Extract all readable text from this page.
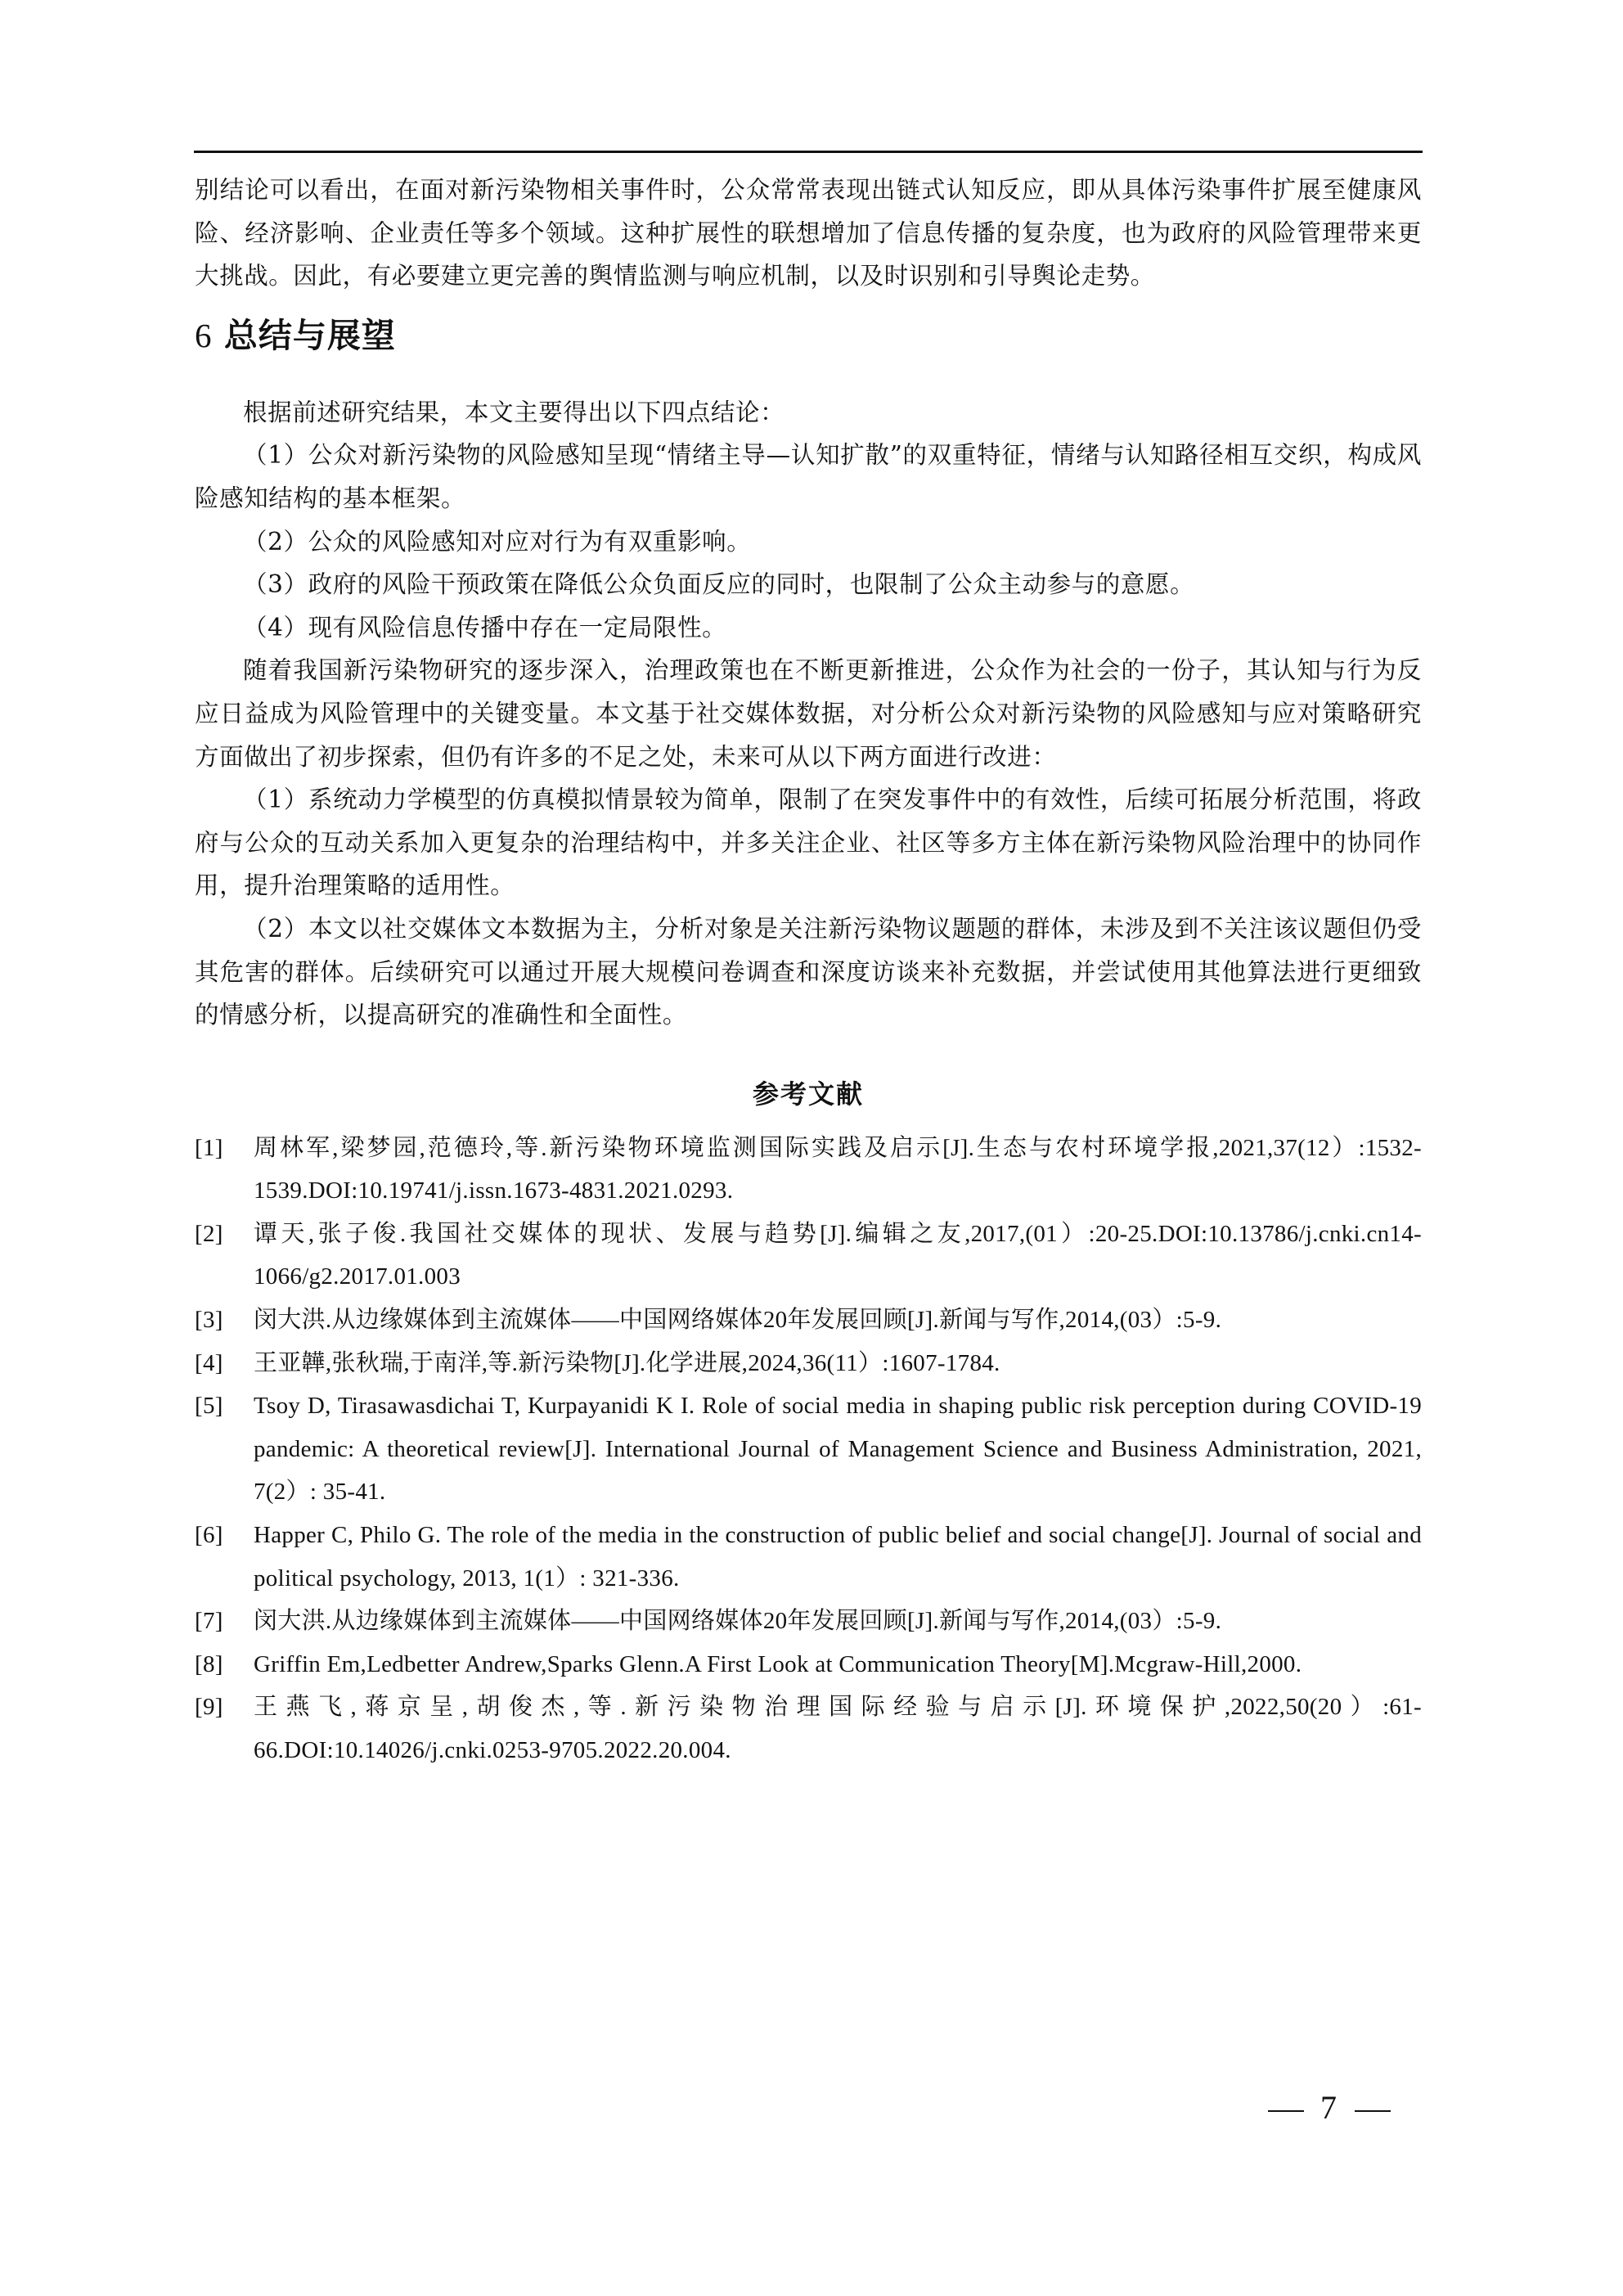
别结论可以看出，在面对新污染物相关事件时，公众常常表现出链式认知反应，即从具体污染事件扩展至健康风险、经济影响、企业责任等多个领域。这种扩展性的联想增加了信息传播的复杂度，也为政府的风险管理带来更大挑战。因此，有必要建立更完善的舆情监测与响应机制，以及时识别和引导舆论走势。

6 总结与展望

根据前述研究结果，本文主要得出以下四点结论：

（1）公众对新污染物的风险感知呈现“情绪主导—认知扩散”的双重特征，情绪与认知路径相互交织，构成风险感知结构的基本框架。

（2）公众的风险感知对应对行为有双重影响。

（3）政府的风险干预政策在降低公众负面反应的同时，也限制了公众主动参与的意愿。

（4）现有风险信息传播中存在一定局限性。

随着我国新污染物研究的逐步深入，治理政策也在不断更新推进，公众作为社会的一份子，其认知与行为反应日益成为风险管理中的关键变量。本文基于社交媒体数据，对分析公众对新污染物的风险感知与应对策略研究方面做出了初步探索，但仍有许多的不足之处，未来可从以下两方面进行改进：

（1）系统动力学模型的仿真模拟情景较为简单，限制了在突发事件中的有效性，后续可拓展分析范围，将政府与公众的互动关系加入更复杂的治理结构中，并多关注企业、社区等多方主体在新污染物风险治理中的协同作用，提升治理策略的适用性。

（2）本文以社交媒体文本数据为主，分析对象是关注新污染物议题题的群体，未涉及到不关注该议题但仍受其危害的群体。后续研究可以通过开展大规模问卷调查和深度访谈来补充数据，并尝试使用其他算法进行更细致的情感分析，以提高研究的准确性和全面性。

参考文献
[1] 周林军,梁梦园,范德玲,等.新污染物环境监测国际实践及启示[J].生态与农村环境学报,2021,37(12）:1532-1539.DOI:10.19741/j.issn.1673-4831.2021.0293.
[2] 谭天,张子俊.我国社交媒体的现状、发展与趋势[J].编辑之友,2017,(01）:20-25.DOI:10.13786/j.cnki.cn14-1066/g2.2017.01.003
[3] 闵大洪.从边缘媒体到主流媒体——中国网络媒体20年发展回顾[J].新闻与写作,2014,(03）:5-9.
[4] 王亚韡,张秋瑞,于南洋,等.新污染物[J].化学进展,2024,36(11）:1607-1784.
[5] Tsoy D, Tirasawasdichai T, Kurpayanidi K I. Role of social media in shaping public risk perception during COVID-19 pandemic: A theoretical review[J]. International Journal of Management Science and Business Administration, 2021, 7(2）: 35-41.
[6] Happer C, Philo G. The role of the media in the construction of public belief and social change[J]. Journal of social and political psychology, 2013, 1(1）: 321-336.
[7] 闵大洪.从边缘媒体到主流媒体——中国网络媒体20年发展回顾[J].新闻与写作,2014,(03）:5-9.
[8] Griffin Em,Ledbetter Andrew,Sparks Glenn.A First Look at Communication Theory[M].Mcgraw-Hill,2000.
[9] 王燕飞,蒋京呈,胡俊杰,等.新污染物治理国际经验与启示[J].环境保护,2022,50(20）:61-66.DOI:10.14026/j.cnki.0253-9705.2022.20.004.
7
